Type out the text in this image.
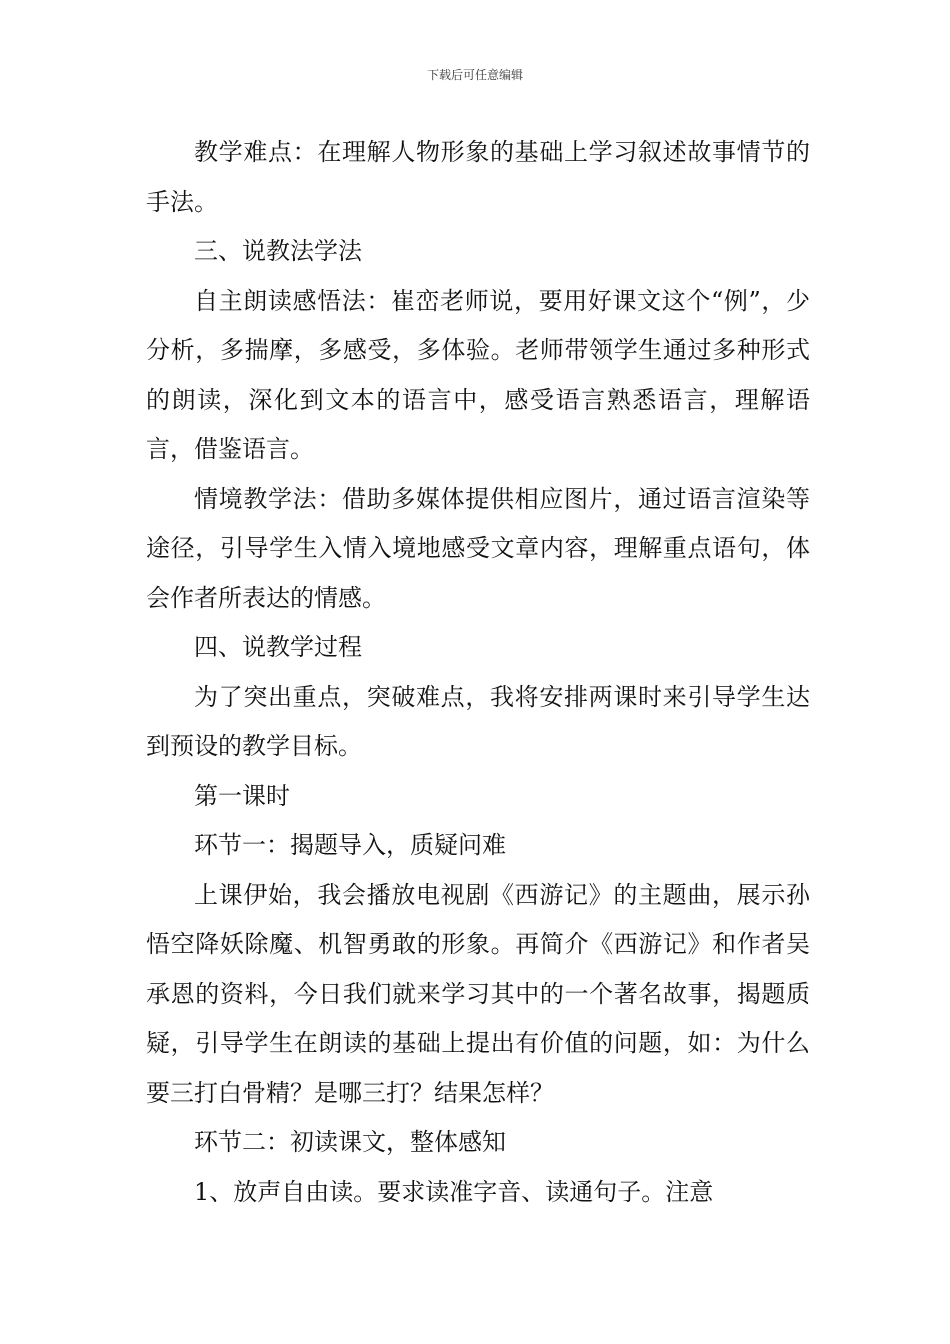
下载后可任意编辑

教学难点：在理解人物形象的基础上学习叙述故事情节的手法。

三、说教法学法

自主朗读感悟法：崔峦老师说，要用好课文这个“例”，少分析，多揣摩，多感受，多体验。老师带领学生通过多种形式的朗读，深化到文本的语言中，感受语言熟悉语言，理解语言，借鉴语言。

情境教学法：借助多媒体提供相应图片，通过语言渲染等途径，引导学生入情入境地感受文章内容，理解重点语句，体会作者所表达的情感。

四、说教学过程

为了突出重点，突破难点，我将安排两课时来引导学生达到预设的教学目标。

第一课时

环节一：揭题导入，质疑问难

上课伊始，我会播放电视剧《西游记》的主题曲，展示孙悟空降妖除魔、机智勇敢的形象。再简介《西游记》和作者吴承恩的资料，今日我们就来学习其中的一个著名故事，揭题质疑，引导学生在朗读的基础上提出有价值的问题，如：为什么要三打白骨精？是哪三打？结果怎样？

环节二：初读课文，整体感知

1、放声自由读。要求读准字音、读通句子。注意
